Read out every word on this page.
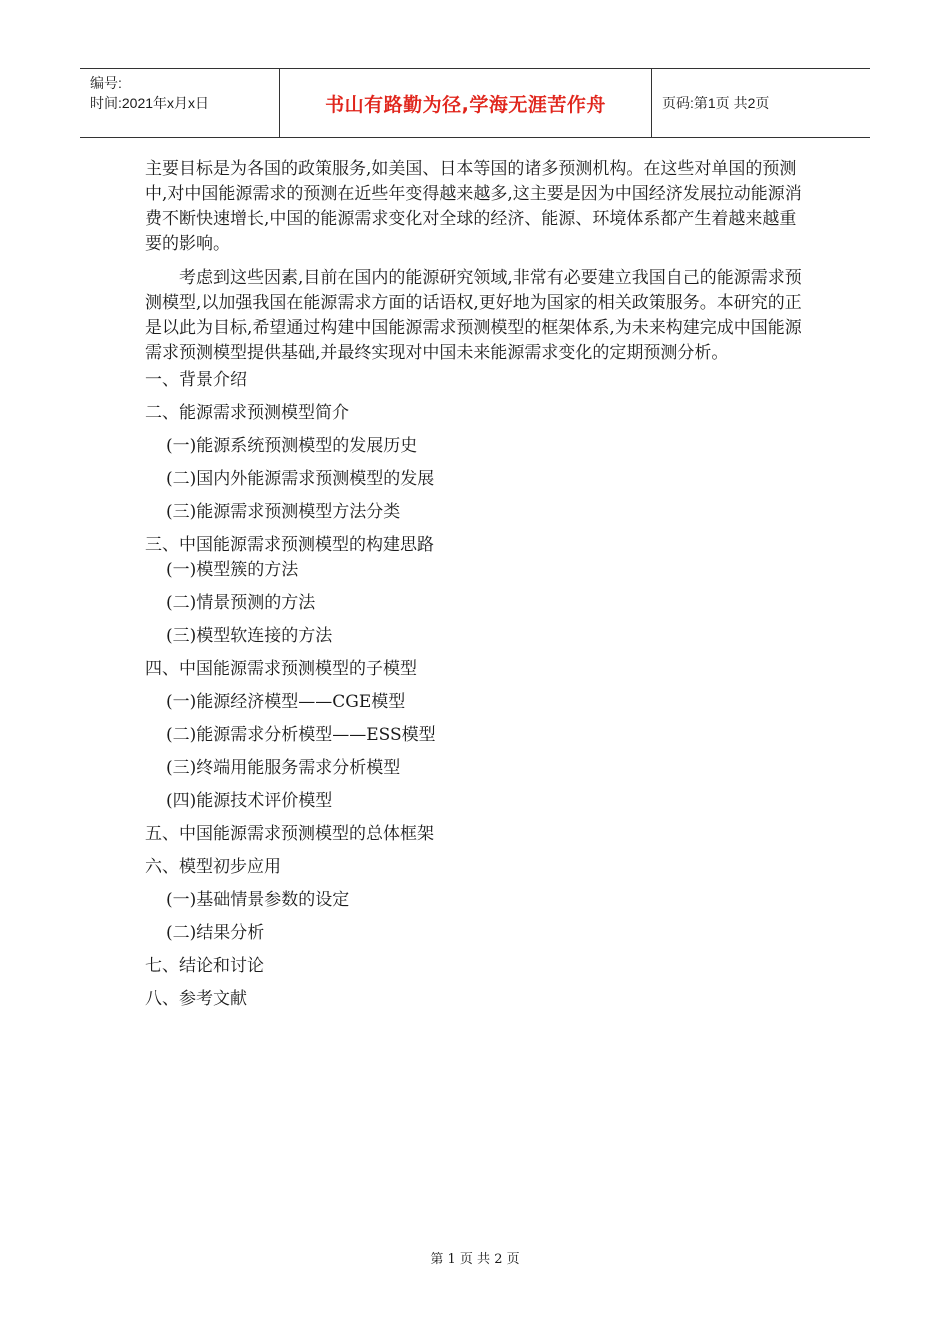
编号:
时间:2021年x月x日	书山有路勤为径,学海无涯苦作舟	页码:第1页 共2页

主要目标是为各国的政策服务,如美国、日本等国的诸多预测机构。在这些对单国的预测中,对中国能源需求的预测在近些年变得越来越多,这主要是因为中国经济发展拉动能源消费不断快速增长,中国的能源需求变化对全球的经济、能源、环境体系都产生着越来越重要的影响。

考虑到这些因素,目前在国内的能源研究领域,非常有必要建立我国自己的能源需求预测模型,以加强我国在能源需求方面的话语权,更好地为国家的相关政策服务。本研究的正是以此为目标,希望通过构建中国能源需求预测模型的框架体系,为未来构建完成中国能源需求预测模型提供基础,并最终实现对中国未来能源需求变化的定期预测分析。

一、背景介绍
二、能源需求预测模型简介
(一)能源系统预测模型的发展历史
(二)国内外能源需求预测模型的发展
(三)能源需求预测模型方法分类
三、中国能源需求预测模型的构建思路
(一)模型簇的方法
(二)情景预测的方法
(三)模型软连接的方法
四、中国能源需求预测模型的子模型
(一)能源经济模型——CGE模型
(二)能源需求分析模型——ESS模型
(三)终端用能服务需求分析模型
(四)能源技术评价模型
五、中国能源需求预测模型的总体框架
六、模型初步应用
(一)基础情景参数的设定
(二)结果分析
七、结论和讨论
八、参考文献
第 1 页 共 2 页
